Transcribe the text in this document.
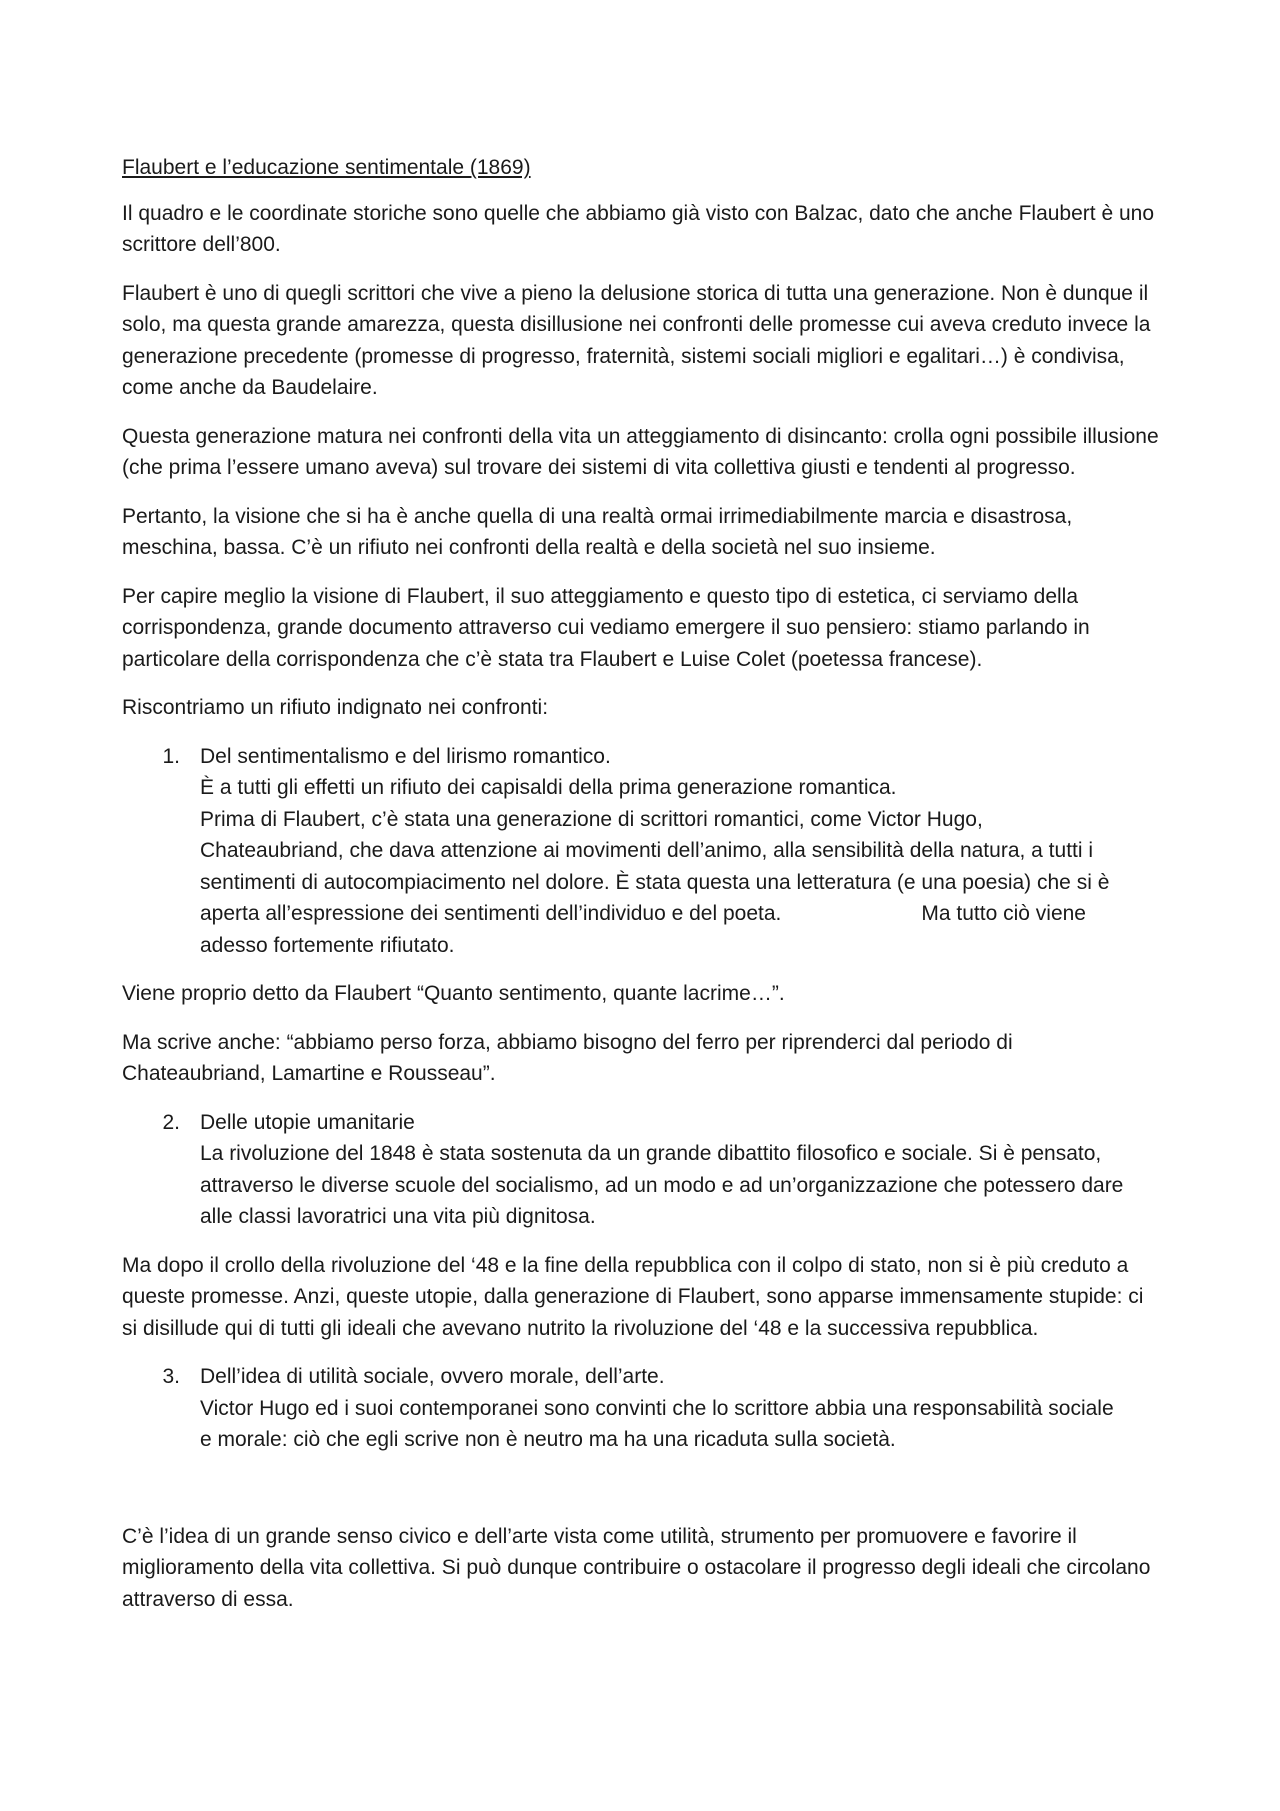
Flaubert e l’educazione sentimentale (1869)

Il quadro e le coordinate storiche sono quelle che abbiamo già visto con Balzac, dato che anche Flaubert è uno scrittore dell’800.

Flaubert è uno di quegli scrittori che vive a pieno la delusione storica di tutta una generazione. Non è dunque il solo, ma questa grande amarezza, questa disillusione nei confronti delle promesse cui aveva creduto invece la generazione precedente (promesse di progresso, fraternità, sistemi sociali migliori e egalitari…) è condivisa, come anche da Baudelaire.

Questa generazione matura nei confronti della vita un atteggiamento di disincanto: crolla ogni possibile illusione (che prima l’essere umano aveva) sul trovare dei sistemi di vita collettiva giusti e tendenti al progresso.

Pertanto, la visione che si ha è anche quella di una realtà ormai irrimediabilmente marcia e disastrosa, meschina, bassa. C’è un rifiuto nei confronti della realtà e della società nel suo insieme.

Per capire meglio la visione di Flaubert, il suo atteggiamento e questo tipo di estetica, ci serviamo della corrispondenza, grande documento attraverso cui vediamo emergere il suo pensiero: stiamo parlando in particolare della corrispondenza che c’è stata tra Flaubert e Luise Colet (poetessa francese).

Riscontriamo un rifiuto indignato nei confronti:

1. Del sentimentalismo e del lirismo romantico.
È a tutti gli effetti un rifiuto dei capisaldi della prima generazione romantica.
Prima di Flaubert, c’è stata una generazione di scrittori romantici, come Victor Hugo, Chateaubriand, che dava attenzione ai movimenti dell’animo, alla sensibilità della natura, a tutti i sentimenti di autocompiacimento nel dolore. È stata questa una letteratura (e una poesia) che si è aperta all’espressione dei sentimenti dell’individuo e del poeta.                        Ma tutto ciò viene adesso fortemente rifiutato.

Viene proprio detto da Flaubert “Quanto sentimento, quante lacrime…”.

Ma scrive anche: “abbiamo perso forza, abbiamo bisogno del ferro per riprenderci dal periodo di Chateaubriand, Lamartine e Rousseau”.

2. Delle utopie umanitarie
La rivoluzione del 1848 è stata sostenuta da un grande dibattito filosofico e sociale. Si è pensato, attraverso le diverse scuole del socialismo, ad un modo e ad un’organizzazione che potessero dare alle classi lavoratrici una vita più dignitosa.

Ma dopo il crollo della rivoluzione del ‘48 e la fine della repubblica con il colpo di stato, non si è più creduto a queste promesse. Anzi, queste utopie, dalla generazione di Flaubert, sono apparse immensamente stupide: ci si disillude qui di tutti gli ideali che avevano nutrito la rivoluzione del ‘48 e la successiva repubblica.

3. Dell’idea di utilità sociale, ovvero morale, dell’arte.
Victor Hugo ed i suoi contemporanei sono convinti che lo scrittore abbia una responsabilità sociale e morale: ciò che egli scrive non è neutro ma ha una ricaduta sulla società.

C’è l’idea di un grande senso civico e dell’arte vista come utilità, strumento per promuovere e favorire il miglioramento della vita collettiva. Si può dunque contribuire o ostacolare il progresso degli ideali che circolano attraverso di essa.
